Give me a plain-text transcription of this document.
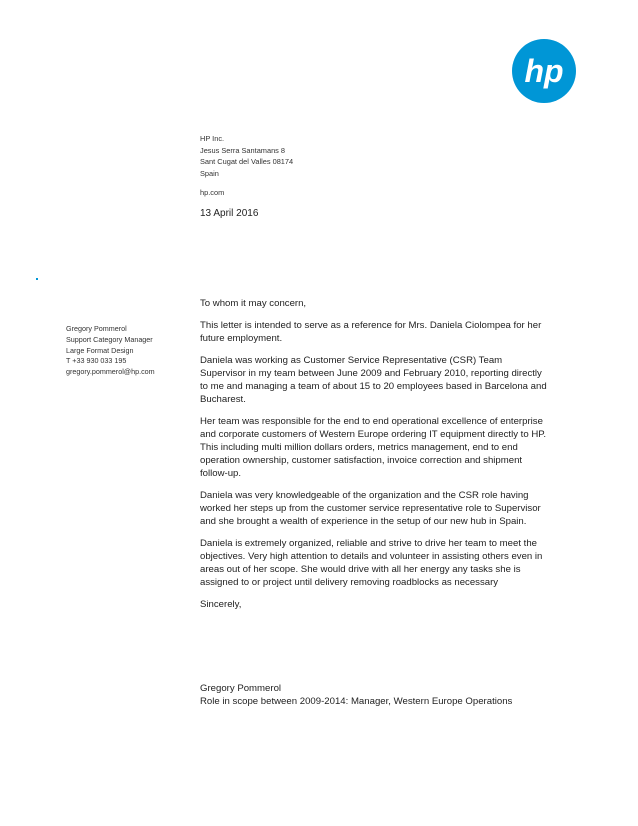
hp
HP Inc.
Jesus Serra Santamans 8
Sant Cugat del Valles 08174
Spain
hp.com
13 April 2016
Gregory Pommerol
Support Category Manager
Large Format Design
T +33 930 033 195
gregory.pommerol@hp.com

To whom it may concern,

This letter is intended to serve as a reference for Mrs. Daniela Ciolompea for her future employment.

Daniela was working as Customer Service Representative (CSR) Team Supervisor in my team between June 2009 and February 2010, reporting directly to me and managing a team of about 15 to 20 employees based in Barcelona and Bucharest.

Her team was responsible for the end to end operational excellence of enterprise and corporate customers of Western Europe ordering IT equipment directly to HP. This including multi million dollars orders, metrics management, end to end operation ownership, customer satisfaction, invoice correction and shipment follow-up.

Daniela was very knowledgeable of the organization and the CSR role having worked her steps up from the customer service representative role to Supervisor and she brought a wealth of experience in the setup of our new hub in Spain.

Daniela is extremely organized, reliable and strive to drive her team to meet the objectives. Very high attention to details and volunteer in assisting others even in areas out of her scope. She would drive with all her energy any tasks she is assigned to or project until delivery removing roadblocks as necessary

Sincerely,

Gregory Pommerol
Role in scope between 2009-2014: Manager, Western Europe Operations
